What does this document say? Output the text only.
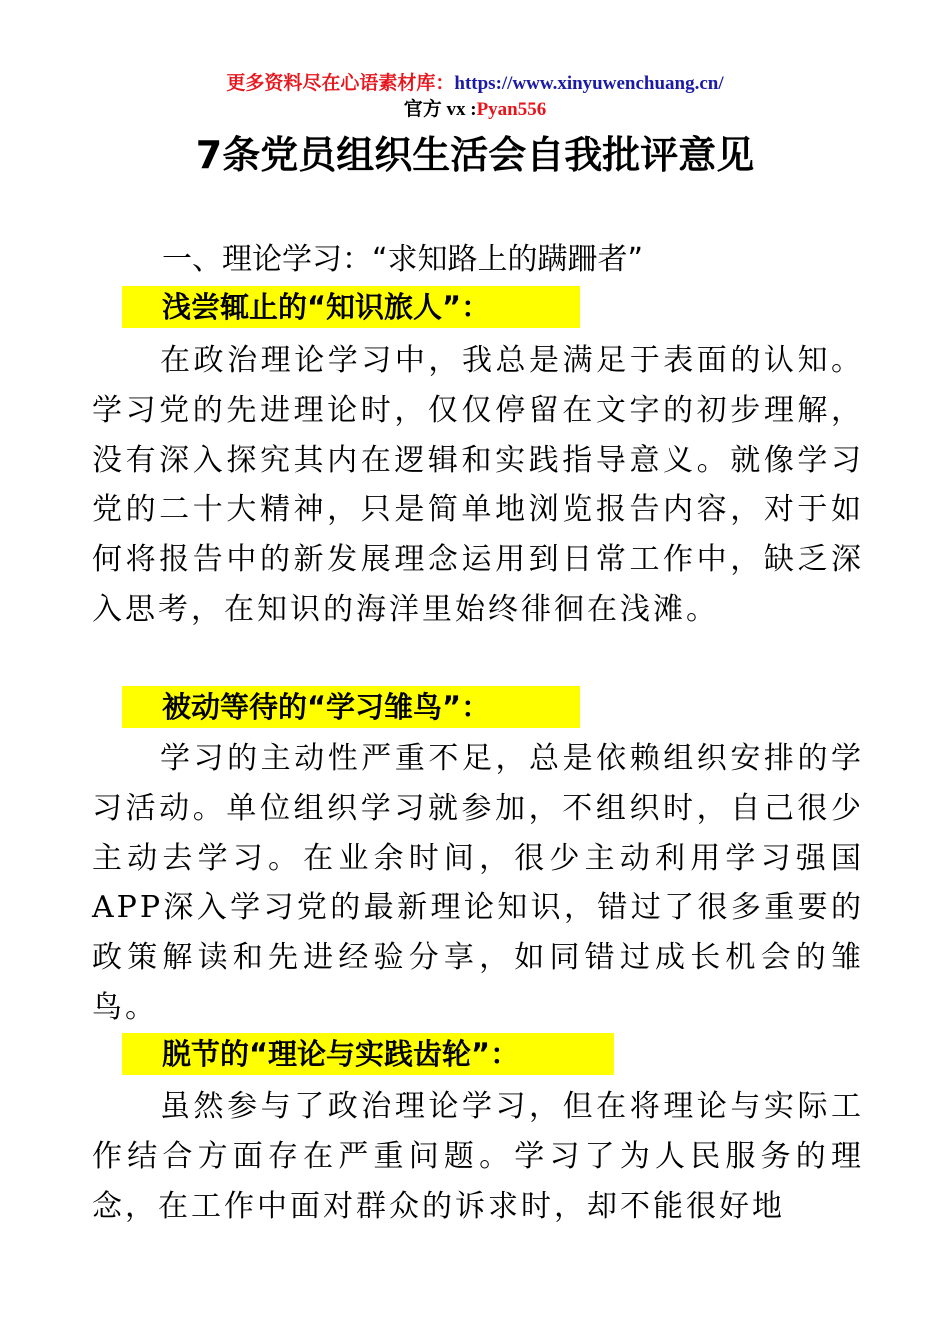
更多资料尽在心语素材库：https://www.xinyuwenchuang.cn/
官方 vx :Pyan556
7条党员组织生活会自我批评意见
一、理论学习：“求知路上的蹒跚者”
浅尝辄止的“知识旅人”：

在政治理论学习中，我总是满足于表面的认知。学习党的先进理论时，仅仅停留在文字的初步理解，没有深入探究其内在逻辑和实践指导意义。就像学习党的二十大精神，只是简单地浏览报告内容，对于如何将报告中的新发展理念运用到日常工作中，缺乏深入思考，在知识的海洋里始终徘徊在浅滩。

被动等待的“学习雏鸟”：

学习的主动性严重不足，总是依赖组织安排的学习活动。单位组织学习就参加，不组织时，自己很少主动去学习。在业余时间，很少主动利用学习强国APP深入学习党的最新理论知识，错过了很多重要的政策解读和先进经验分享，如同错过成长机会的雏鸟。

脱节的“理论与实践齿轮”：

虽然参与了政治理论学习，但在将理论与实际工作结合方面存在严重问题。学习了为人民服务的理念，在工作中面对群众的诉求时，却不能很好地
